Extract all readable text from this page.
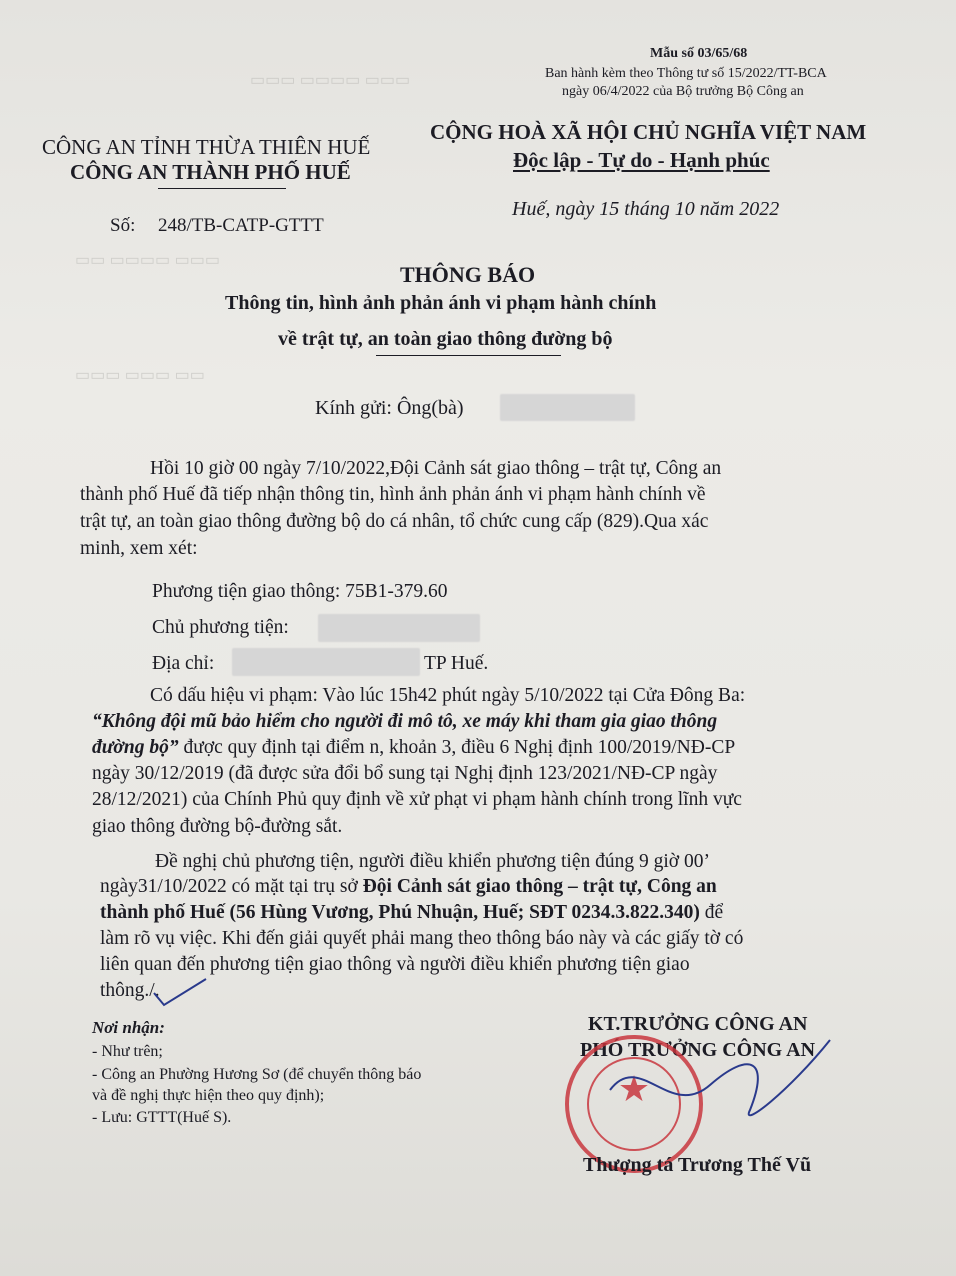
▭▭▭ ▭▭▭▭ ▭▭▭
▭▭ ▭▭▭▭ ▭▭▭
▭▭▭ ▭▭▭ ▭▭
Mẫu số 03/65/68
Ban hành kèm theo Thông tư số 15/2022/TT-BCA
ngày 06/4/2022 của Bộ trưởng Bộ Công an
CÔNG AN TỈNH THỪA THIÊN HUẾ
CÔNG AN THÀNH PHỐ HUẾ
Số: 248/TB-CATP-GTTT
CỘNG HOÀ XÃ HỘI CHỦ NGHĨA VIỆT NAM
Độc lập - Tự do - Hạnh phúc
Huế, ngày 15 tháng 10 năm 2022
THÔNG BÁO
Thông tin, hình ảnh phản ánh vi phạm hành chính
về trật tự, an toàn giao thông đường bộ
Kính gửi: Ông(bà)
Hồi 10 giờ 00 ngày 7/10/2022,Đội Cảnh sát giao thông – trật tự, Công an
thành phố Huế đã tiếp nhận thông tin, hình ảnh phản ánh vi phạm hành chính về
trật tự, an toàn giao thông đường bộ do cá nhân, tổ chức cung cấp (829).Qua xác
minh, xem xét:
Phương tiện giao thông: 75B1-379.60
Chủ phương tiện:
Địa chỉ:	TP Huế.
Có dấu hiệu vi phạm: Vào lúc 15h42 phút ngày 5/10/2022 tại Cửa Đông Ba:
“Không đội mũ bảo hiểm cho người đi mô tô, xe máy khi tham gia giao thông
đường bộ” được quy định tại điểm n, khoản 3, điều 6 Nghị định 100/2019/NĐ-CP
ngày 30/12/2019 (đã được sửa đổi bổ sung tại Nghị định 123/2021/NĐ-CP ngày
28/12/2021) của Chính Phủ quy định về xử phạt vi phạm hành chính trong lĩnh vực
giao thông đường bộ-đường sắt.
Đề nghị chủ phương tiện, người điều khiển phương tiện đúng 9 giờ 00’
ngày31/10/2022 có mặt tại trụ sở Đội Cảnh sát giao thông – trật tự, Công an
thành phố Huế (56 Hùng Vương, Phú Nhuận, Huế; SĐT 0234.3.822.340) để
làm rõ vụ việc. Khi đến giải quyết phải mang theo thông báo này và các giấy tờ có
liên quan đến phương tiện giao thông và người điều khiển phương tiện giao
thông./.
Nơi nhận:
- Như trên;
- Công an Phường Hương Sơ (để chuyển thông báo
và đề nghị thực hiện theo quy định);
- Lưu: GTTT(Huế S).
KT.TRƯỞNG CÔNG AN
PHÓ TRƯỞNG CÔNG AN
★
Thượng tá Trương Thế Vũ
